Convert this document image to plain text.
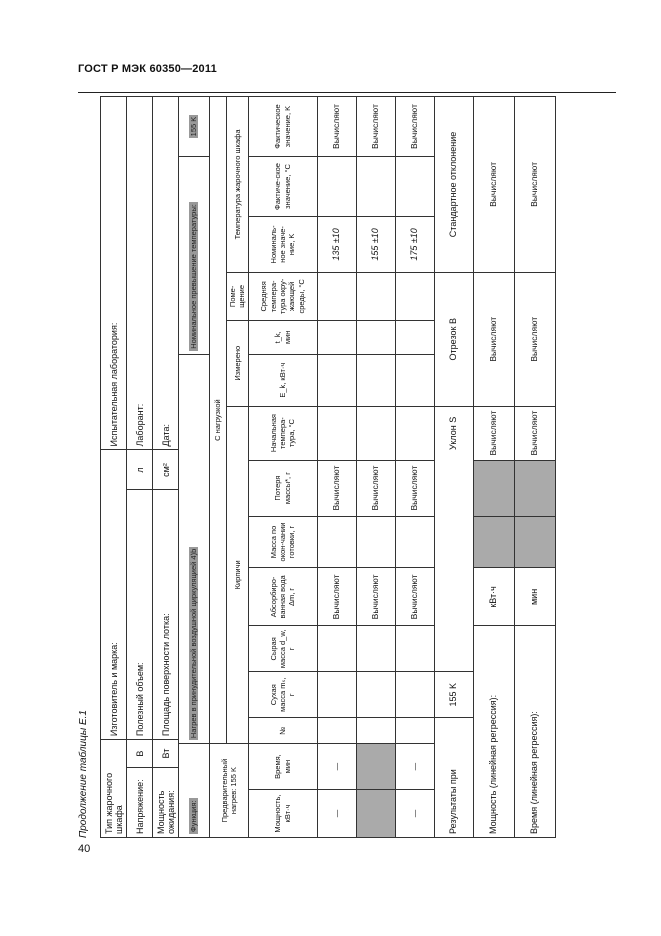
ГОСТ Р МЭК 60350—2011
40
Продолжение таблицы Е.1 Тип жарочного шкафа		Изготовитель и марка:		Испытательная лаборатория:
Напряжение:	В	Полезный объем:	л	Лаборант:
Мощность ожидания:	Вт	Площадь поверхности лотка:	см²	Дата:
Функция:		Нагрев в принудительной воздушной циркуляцией 4)b								Номинальное превышение температуры:				155 K
Предварительный нагрев: 155 K		С нагрузкой												
		Кирпичи							Измерено		Поме-щение	Температура жарочного шкафа		
Мощность, кВт·ч	Время, мин	№	Сухая масса mₛ, г	Сырая масса d_w, г	Абсорбиро-ванная вода Δm, г	Масса по окон-чании готовки, г	Потеря массы*, г	Начальная темпера-тура, °C	E_k, кВт·ч	t_k, мин	Средняя темпера-тура окру-жающей среды, °C	Номиналь-ное значе-ние, K	Фактиче-ское значение, °C	Фактическое значение, K
—	—				Вычисляют		Вычисляют					135 ±10		Вычисляют
					Вычисляют		Вычисляют					155 ±10		Вычисляют
—	—				Вычисляют		Вычисляют					175 ±10		Вычисляют
Результаты при			155 K					Уклон S	Отрезок B			Стандартное отклонение		
Мощность (линейная регрессия):					кВт·ч			Вычисляют	Вычисляют			Вычисляют		
Время (линейная регрессия):					мин			Вычисляют	Вычисляют			Вычисляют		
